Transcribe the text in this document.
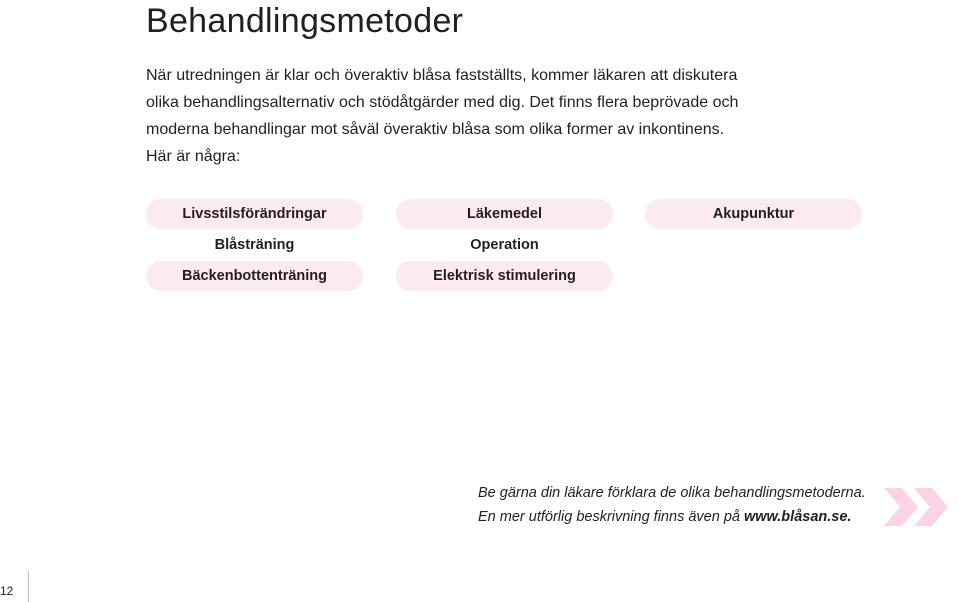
Behandlingsmetoder

När utredningen är klar och överaktiv blåsa fastställts, kommer läkaren att diskutera
olika behandlingsalternativ och stödåtgärder med dig. Det finns flera beprövade och
moderna behandlingar mot såväl överaktiv blåsa som olika former av inkontinens.
Här är några:

Livsstilsförändringar
Blåsträning
Bäckenbottenträning
Läkemedel
Operation
Elektrisk stimulering
Akupunktur

Be gärna din läkare förklara de olika behandlingsmetoderna.
En mer utförlig beskrivning finns även på www.blåsan.se.

12
